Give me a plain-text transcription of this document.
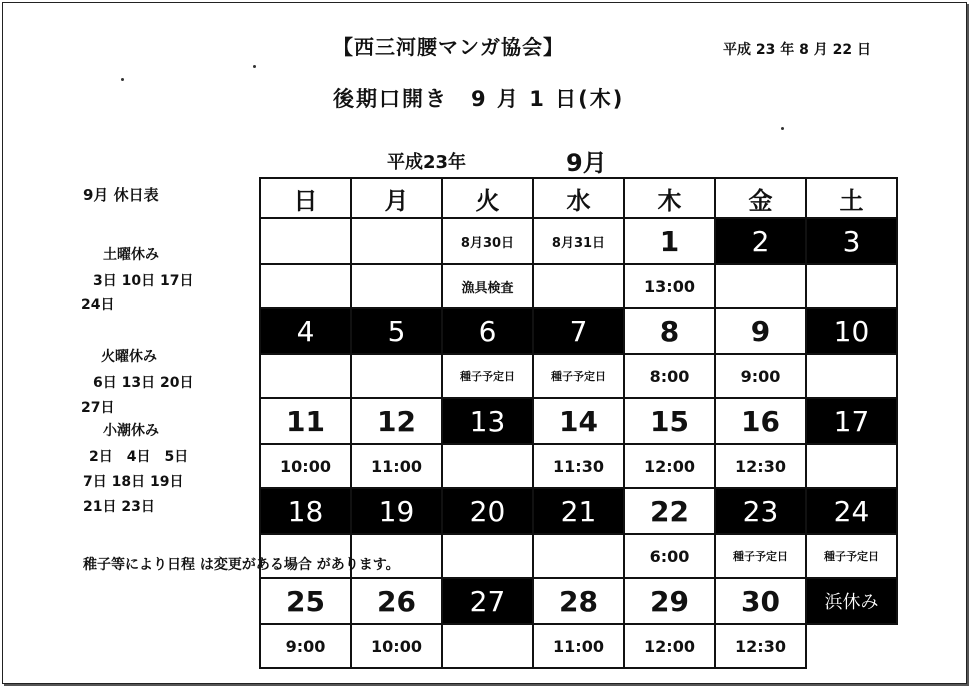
【西三河腰マンガ協会】	平成 23 年 8 月 22 日
後期口開き　9 月 1 日(木)
平成23年	9月
9月 休日表
土曜休み
3日 10日 17日
24日
火曜休み
6日 13日 20日
27日
小潮休み
2日　4日　5日
7日 18日 19日
21日 23日
稚子等により日程 は変更がある場合 があります。
日	月	火	水	木	金	土
		8月30日	8月31日	1	2	3
		漁具検査		13:00		
4	5	6	7	8	9	10
		種子予定日	種子予定日	8:00	9:00	
11	12	13	14	15	16	17
10:00	11:00		11:30	12:00	12:30	
18	19	20	21	22	23	24
				6:00	種子予定日	種子予定日
25	26	27	28	29	30	浜休み
9:00	10:00		11:00	12:00	12:30	
